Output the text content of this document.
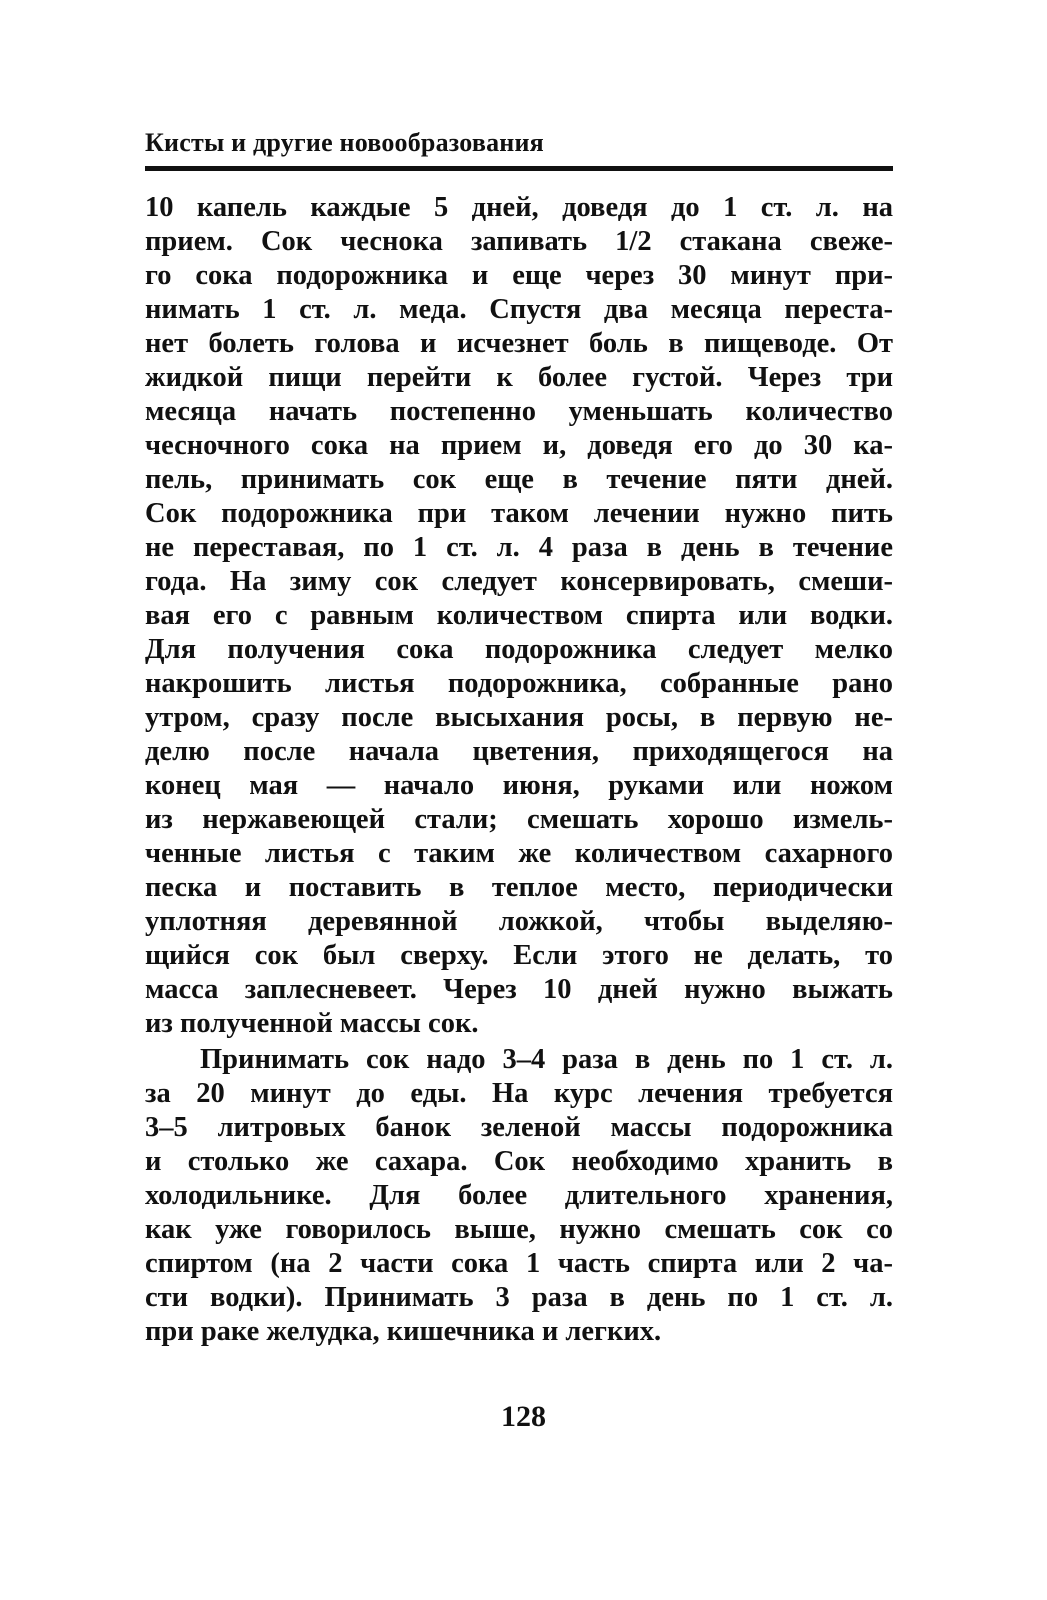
Кисты и другие новообразования
10 капель каждые 5 дней, доведя до 1 ст. л. на
прием. Сок чеснока запивать 1/2 стакана свеже-
го сока подорожника и еще через 30 минут при-
нимать 1 ст. л. меда. Спустя два месяца переста-
нет болеть голова и исчезнет боль в пищеводе. От
жидкой пищи перейти к более густой. Через три
месяца начать постепенно уменьшать количество
чесночного сока на прием и, доведя его до 30 ка-
пель, принимать сок еще в течение пяти дней.
Сок подорожника при таком лечении нужно пить
не переставая, по 1 ст. л. 4 раза в день в течение
года. На зиму сок следует консервировать, смеши-
вая его с равным количеством спирта или водки.
Для получения сока подорожника следует мелко
накрошить листья подорожника, собранные рано
утром, сразу после высыхания росы, в первую не-
делю после начала цветения, приходящегося на
конец мая — начало июня, руками или ножом
из нержавеющей стали; смешать хорошо измель-
ченные листья с таким же количеством сахарного
песка и поставить в теплое место, периодически
уплотняя деревянной ложкой, чтобы выделяю-
щийся сок был сверху. Если этого не делать, то
масса заплесневеет. Через 10 дней нужно выжать
из полученной массы сок.
Принимать сок надо 3–4 раза в день по 1 ст. л.
за 20 минут до еды. На курс лечения требуется
3–5 литровых банок зеленой массы подорожника
и столько же сахара. Сок необходимо хранить в
холодильнике. Для более длительного хранения,
как уже говорилось выше, нужно смешать сок со
спиртом (на 2 части сока 1 часть спирта или 2 ча-
сти водки). Принимать 3 раза в день по 1 ст. л.
при раке желудка, кишечника и легких.
128
